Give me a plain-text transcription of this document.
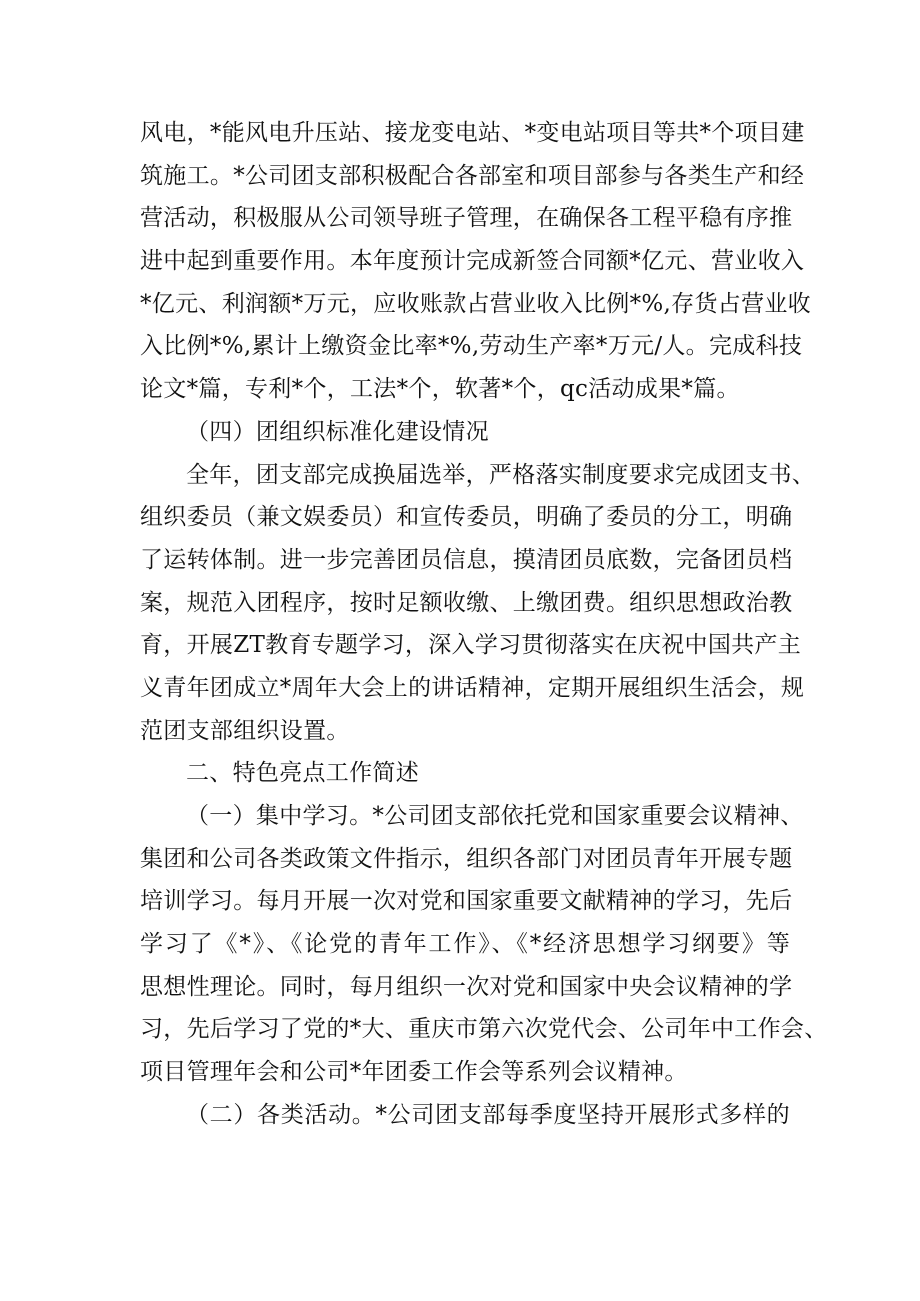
风电，*能风电升压站、接龙变电站、*变电站项目等共*个项目建
筑施工。*公司团支部积极配合各部室和项目部参与各类生产和经
营活动，积极服从公司领导班子管理，在确保各工程平稳有序推
进中起到重要作用。本年度预计完成新签合同额*亿元、营业收入
*亿元、利润额*万元，应收账款占营业收入比例*%,存货占营业收
入比例*%,累计上缴资金比率*%,劳动生产率*万元/人。完成科技
论文*篇，专利*个，工法*个，软著*个，qc活动成果*篇。
（四）团组织标准化建设情况
全年，团支部完成换届选举，严格落实制度要求完成团支书、
组织委员（兼文娱委员）和宣传委员，明确了委员的分工，明确
了运转体制。进一步完善团员信息，摸清团员底数，完备团员档
案，规范入团程序，按时足额收缴、上缴团费。组织思想政治教
育，开展ZT教育专题学习，深入学习贯彻落实在庆祝中国共产主
义青年团成立*周年大会上的讲话精神，定期开展组织生活会，规
范团支部组织设置。
二、特色亮点工作简述
（一）集中学习。*公司团支部依托党和国家重要会议精神、
集团和公司各类政策文件指示，组织各部门对团员青年开展专题
培训学习。每月开展一次对党和国家重要文献精神的学习，先后
学习了《*》、《论党的青年工作》、《*经济思想学习纲要》等
思想性理论。同时，每月组织一次对党和国家中央会议精神的学
习，先后学习了党的*大、重庆市第六次党代会、公司年中工作会、
项目管理年会和公司*年团委工作会等系列会议精神。
（二）各类活动。*公司团支部每季度坚持开展形式多样的
